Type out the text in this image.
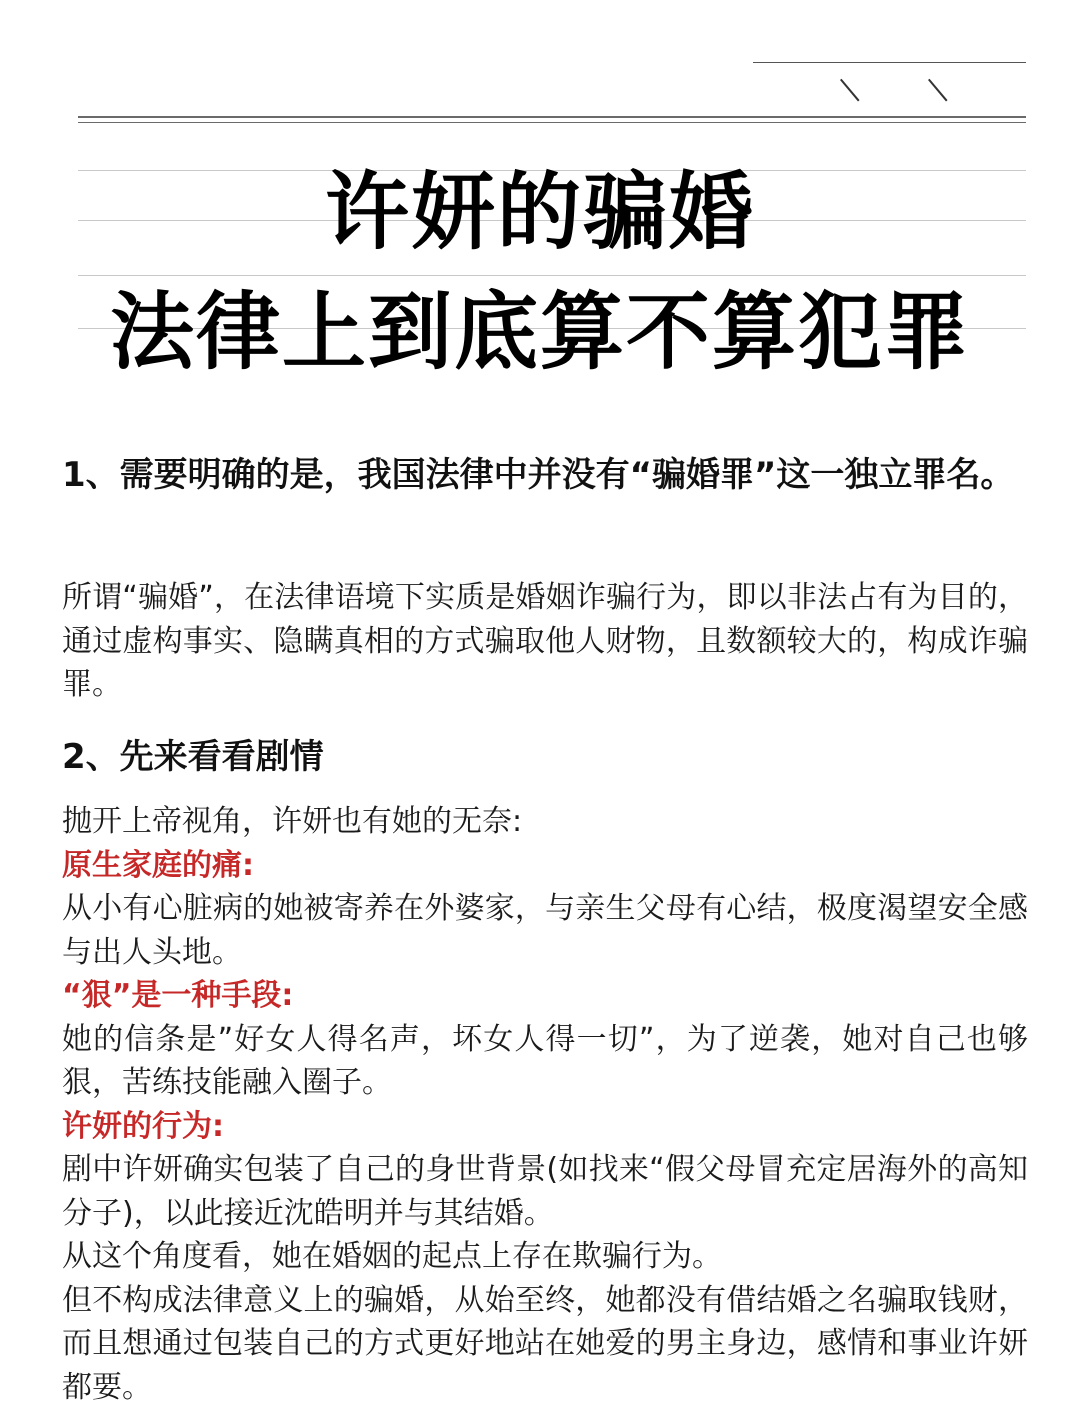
许妍的骗婚
法律上到底算不算犯罪
1、需要明确的是，我国法律中并没有“骗婚罪”这一独立罪名。

所谓“骗婚”，在法律语境下实质是婚姻诈骗行为，即以非法占有为目的，通过虚构事实、隐瞒真相的方式骗取他人财物，且数额较大的，构成诈骗罪。

2、先来看看剧情

抛开上帝视角，许妍也有她的无奈:

原生家庭的痛:

从小有心脏病的她被寄养在外婆家，与亲生父母有心结，极度渴望安全感与出人头地。

“狠”是一种手段:

她的信条是”好女人得名声，坏女人得一切”，为了逆袭，她对自己也够狠，苦练技能融入圈子。

许妍的行为:

剧中许妍确实包装了自己的身世背景(如找来“假父母冒充定居海外的高知分子)，以此接近沈皓明并与其结婚。

从这个角度看，她在婚姻的起点上存在欺骗行为。

但不构成法律意义上的骗婚，从始至终，她都没有借结婚之名骗取钱财，而且想通过包装自己的方式更好地站在她爱的男主身边，感情和事业许妍都要。
